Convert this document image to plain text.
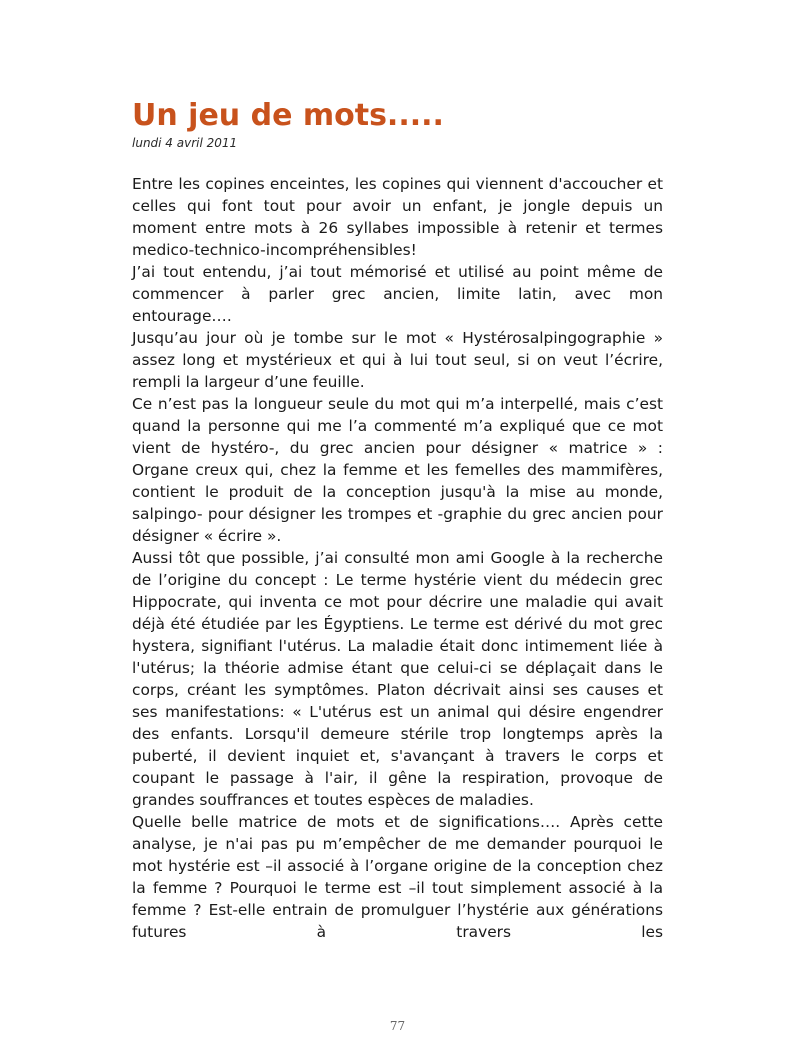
Un jeu de mots.....
lundi 4 avril 2011

Entre les copines enceintes, les copines qui viennent d'accoucher et celles qui font tout pour avoir un enfant, je jongle depuis un moment entre mots à 26 syllabes impossible à retenir et termes medico-technico-incompréhensibles!

J’ai tout entendu, j’ai tout mémorisé et utilisé au point même de commencer à parler grec ancien, limite latin, avec mon entourage….

Jusqu’au jour où je tombe sur le mot « Hystérosalpingographie » assez long et mystérieux et qui à lui tout seul, si on veut l’écrire, rempli la largeur d’une feuille.

Ce n’est pas la longueur seule du mot qui m’a interpellé, mais c’est quand la personne qui me l’a commenté m’a expliqué que ce mot vient de hystéro-, du grec ancien pour désigner « matrice » : Organe creux qui, chez la femme et les femelles des mammifères, contient le produit de la conception jusqu'à la mise au monde, salpingo- pour désigner les trompes et -graphie du grec ancien pour désigner « écrire ».

Aussi tôt que possible, j’ai consulté mon ami Google à la recherche de l’origine du concept : Le terme hystérie vient du médecin grec Hippocrate, qui inventa ce mot pour décrire une maladie qui avait déjà été étudiée par les Égyptiens. Le terme est dérivé du mot grec hystera, signifiant l'utérus. La maladie était donc intimement liée à l'utérus; la théorie admise étant que celui-ci se déplaçait dans le corps, créant les symptômes. Platon décrivait ainsi ses causes et ses manifestations: « L'utérus est un animal qui désire engendrer des enfants. Lorsqu'il demeure stérile trop longtemps après la puberté, il devient inquiet et, s'avançant à travers le corps et coupant le passage à l'air, il gêne la respiration, provoque de grandes souffrances et toutes espèces de maladies.

Quelle belle matrice de mots et de significations…. Après cette analyse, je n'ai pas pu m’empêcher de me demander pourquoi le mot hystérie est –il associé à l’organe origine de la conception chez la femme ? Pourquoi le terme est –il tout simplement associé à la femme ? Est-elle entrain de promulguer l’hystérie aux générations futures à travers les

77
